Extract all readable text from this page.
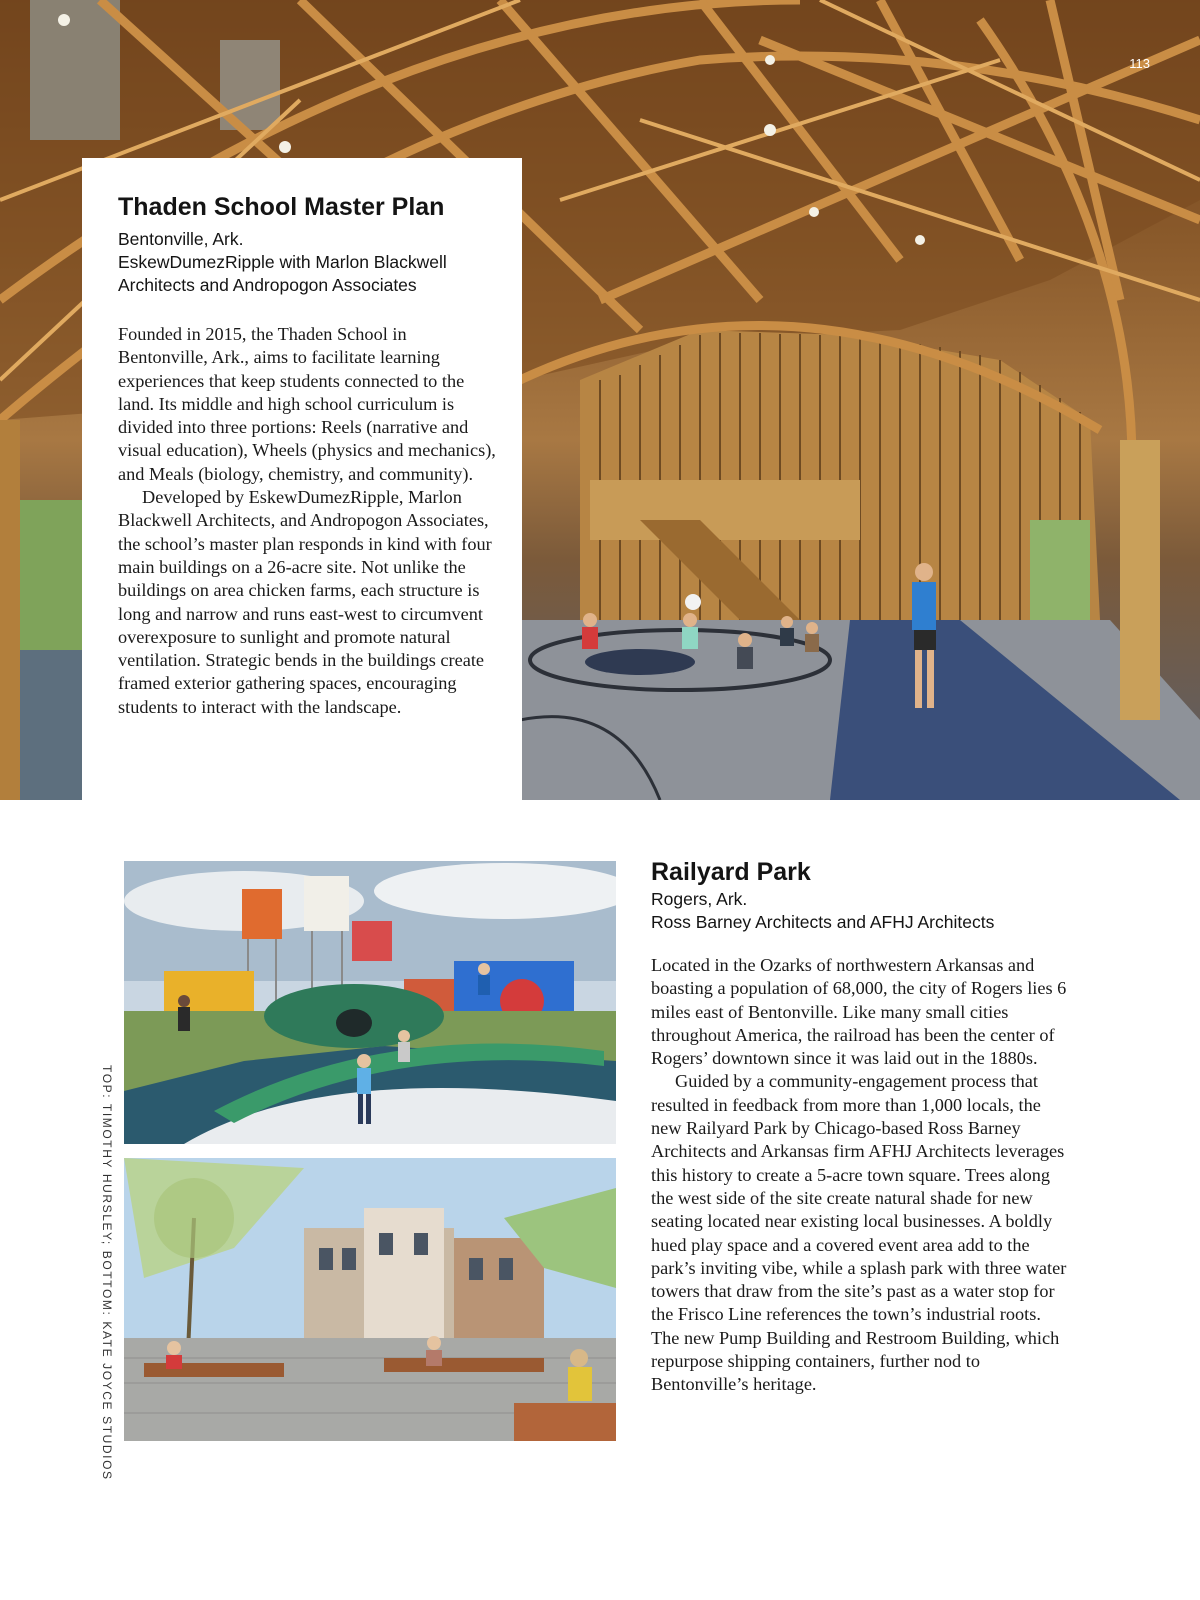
113
Thaden School Master Plan

Bentonville, Ark.

EskewDumezRipple with Marlon Blackwell Architects and Andropogon Associates

Founded in 2015, the Thaden School in Bentonville, Ark., aims to facilitate learning experiences that keep students connected to the land. Its middle and high school curriculum is divided into three portions: Reels (narrative and visual education), Wheels (physics and mechanics), and Meals (biology, chemistry, and community).

Developed by EskewDumezRipple, Marlon Blackwell Architects, and Andropogon Associates, the school’s master plan responds in kind with four main buildings on a 26-acre site. Not unlike the buildings on area chicken farms, each structure is long and narrow and runs east-west to circumvent overexposure to sunlight and promote natural ventilation. Strategic bends in the buildings create framed exterior gathering spaces, encouraging students to interact with the landscape.

TOP: TIMOTHY HURSLEY; BOTTOM: KATE JOYCE STUDIOS
Railyard Park

Rogers, Ark.

Ross Barney Architects and AFHJ Architects

Located in the Ozarks of northwestern Arkansas and boasting a population of 68,000, the city of Rogers lies 6 miles east of Bentonville. Like many small cities throughout America, the railroad has been the center of Rogers’ downtown since it was laid out in the 1880s.

Guided by a community-engagement process that resulted in feedback from more than 1,000 locals, the new Railyard Park by Chicago-based Ross Barney Architects and Arkansas firm AFHJ Architects leverages this history to create a 5-acre town square. Trees along the west side of the site create natural shade for new seating located near existing local businesses. A boldly hued play space and a covered event area add to the park’s inviting vibe, while a splash park with three water towers that draw from the site’s past as a water stop for the Frisco Line references the town’s industrial roots. The new Pump Building and Restroom Building, which repurpose shipping containers, further nod to Bentonville’s heritage.
